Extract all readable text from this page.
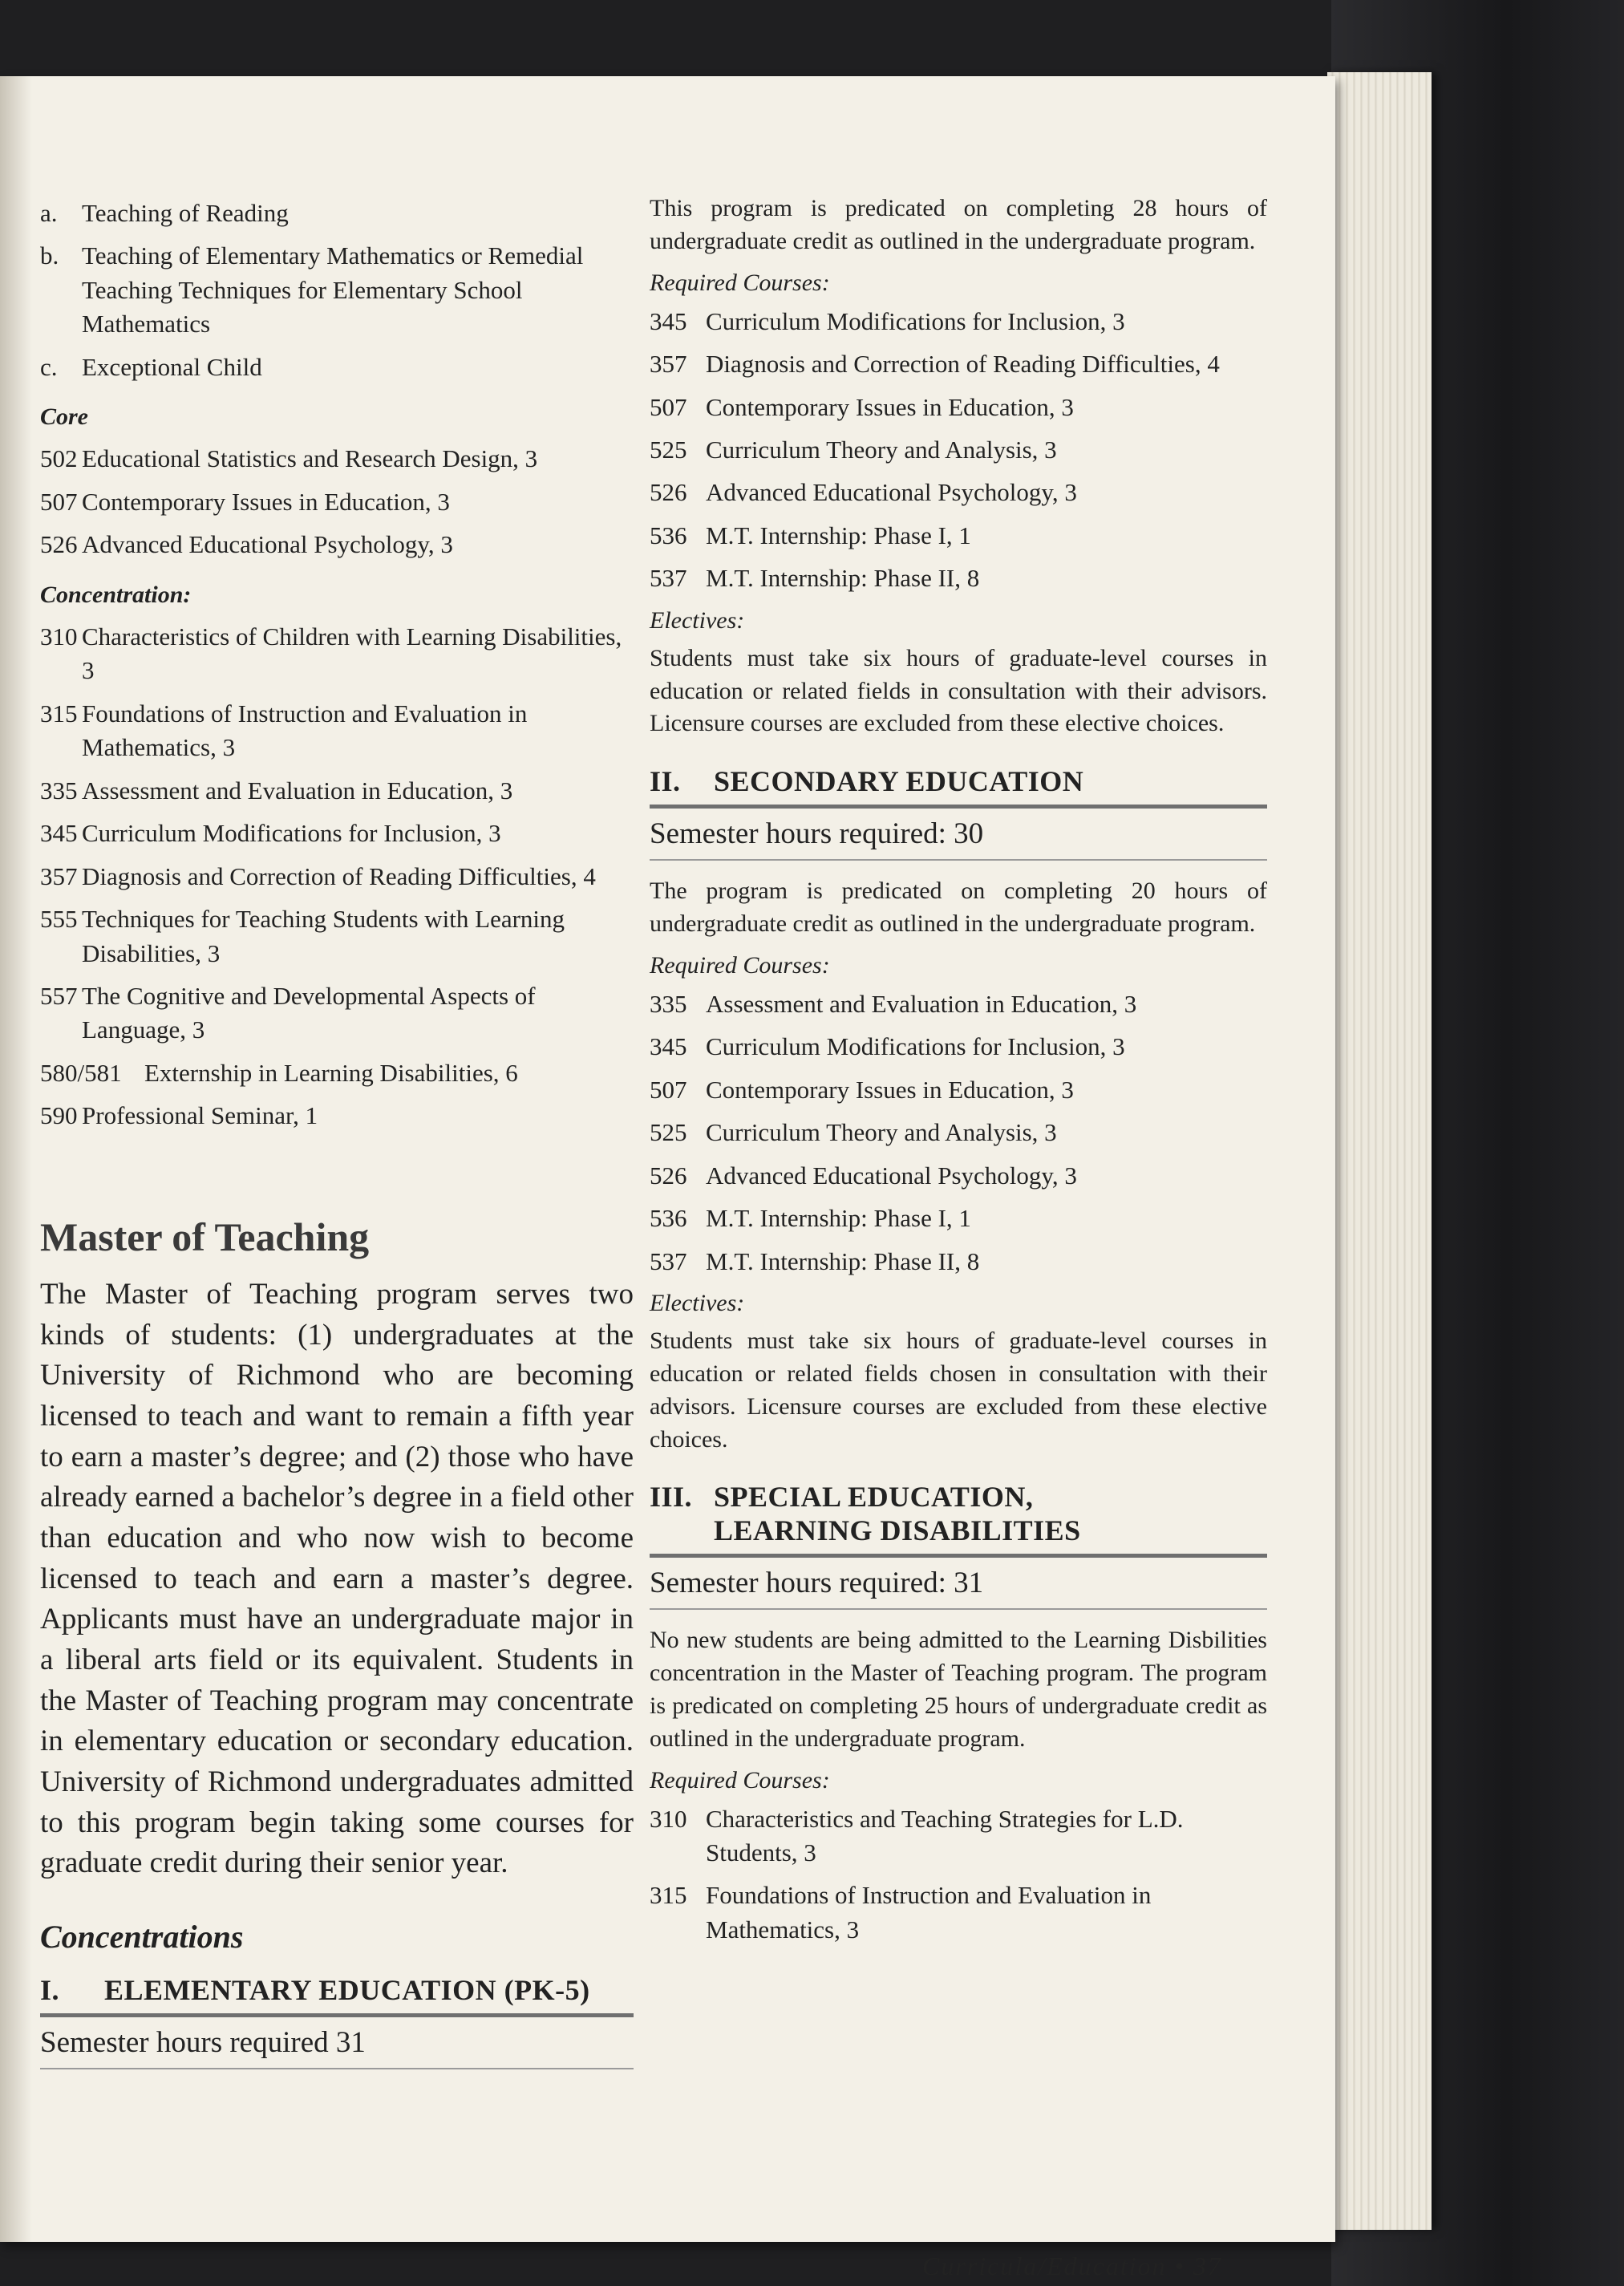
a. Teaching of Reading
b. Teaching of Elementary Mathematics or Remedial Teaching Techniques for Elementary School Mathematics
c. Exceptional Child
Core
502 Educational Statistics and Research Design, 3
507 Contemporary Issues in Education, 3
526 Advanced Educational Psychology, 3
Concentration:
310 Characteristics of Children with Learning Disabilities, 3
315 Foundations of Instruction and Evaluation in Mathematics, 3
335 Assessment and Evaluation in Education, 3
345 Curriculum Modifications for Inclusion, 3
357 Diagnosis and Correction of Reading Difficulties, 4
555 Techniques for Teaching Students with Learning Disabilities, 3
557 The Cognitive and Developmental Aspects of Language, 3
580/581 Externship in Learning Disabilities, 6
590 Professional Seminar, 1
Master of Teaching

The Master of Teaching program serves two kinds of students: (1) undergraduates at the University of Richmond who are becoming licensed to teach and want to remain a fifth year to earn a master’s degree; and (2) those who have already earned a bachelor’s degree in a field other than education and who now wish to become licensed to teach and earn a master’s degree. Applicants must have an undergraduate major in a liberal arts field or its equivalent. Students in the Master of Teaching program may concentrate in elementary education or secondary education. University of Richmond undergraduates admitted to this program begin taking some courses for graduate credit during their senior year.

Concentrations
I.	ELEMENTARY EDUCATION (PK-5)
Semester hours required 31

This program is predicated on completing 28 hours of undergraduate credit as outlined in the undergraduate program.

Required Courses:
345 Curriculum Modifications for Inclusion, 3
357 Diagnosis and Correction of Reading Difficulties, 4
507 Contemporary Issues in Education, 3
525 Curriculum Theory and Analysis, 3
526 Advanced Educational Psychology, 3
536 M.T. Internship: Phase I, 1
537 M.T. Internship: Phase II, 8
Electives:

Students must take six hours of graduate-level courses in education or related fields in consultation with their advisors. Licensure courses are excluded from these elective choices.

II.	SECONDARY EDUCATION
Semester hours required: 30

The program is predicated on completing 20 hours of undergraduate credit as outlined in the undergraduate program.

Required Courses:
335 Assessment and Evaluation in Education, 3
345 Curriculum Modifications for Inclusion, 3
507 Contemporary Issues in Education, 3
525 Curriculum Theory and Analysis, 3
526 Advanced Educational Psychology, 3
536 M.T. Internship: Phase I, 1
537 M.T. Internship: Phase II, 8
Electives:

Students must take six hours of graduate-level courses in education or related fields chosen in consultation with their advisors. Licensure courses are excluded from these elective choices.

III. SPECIAL EDUCATION,
LEARNING DISABILITIES
Semester hours required: 31

No new students are being admitted to the Learning Disbilities concentration in the Master of Teaching program. The program is predicated on completing 25 hours of undergraduate credit as outlined in the undergraduate program.

Required Courses:
310 Characteristics and Teaching Strategies for L.D. Students, 3
315 Foundations of Instruction and Evaluation in Mathematics, 3
Curricula/Education • 37
